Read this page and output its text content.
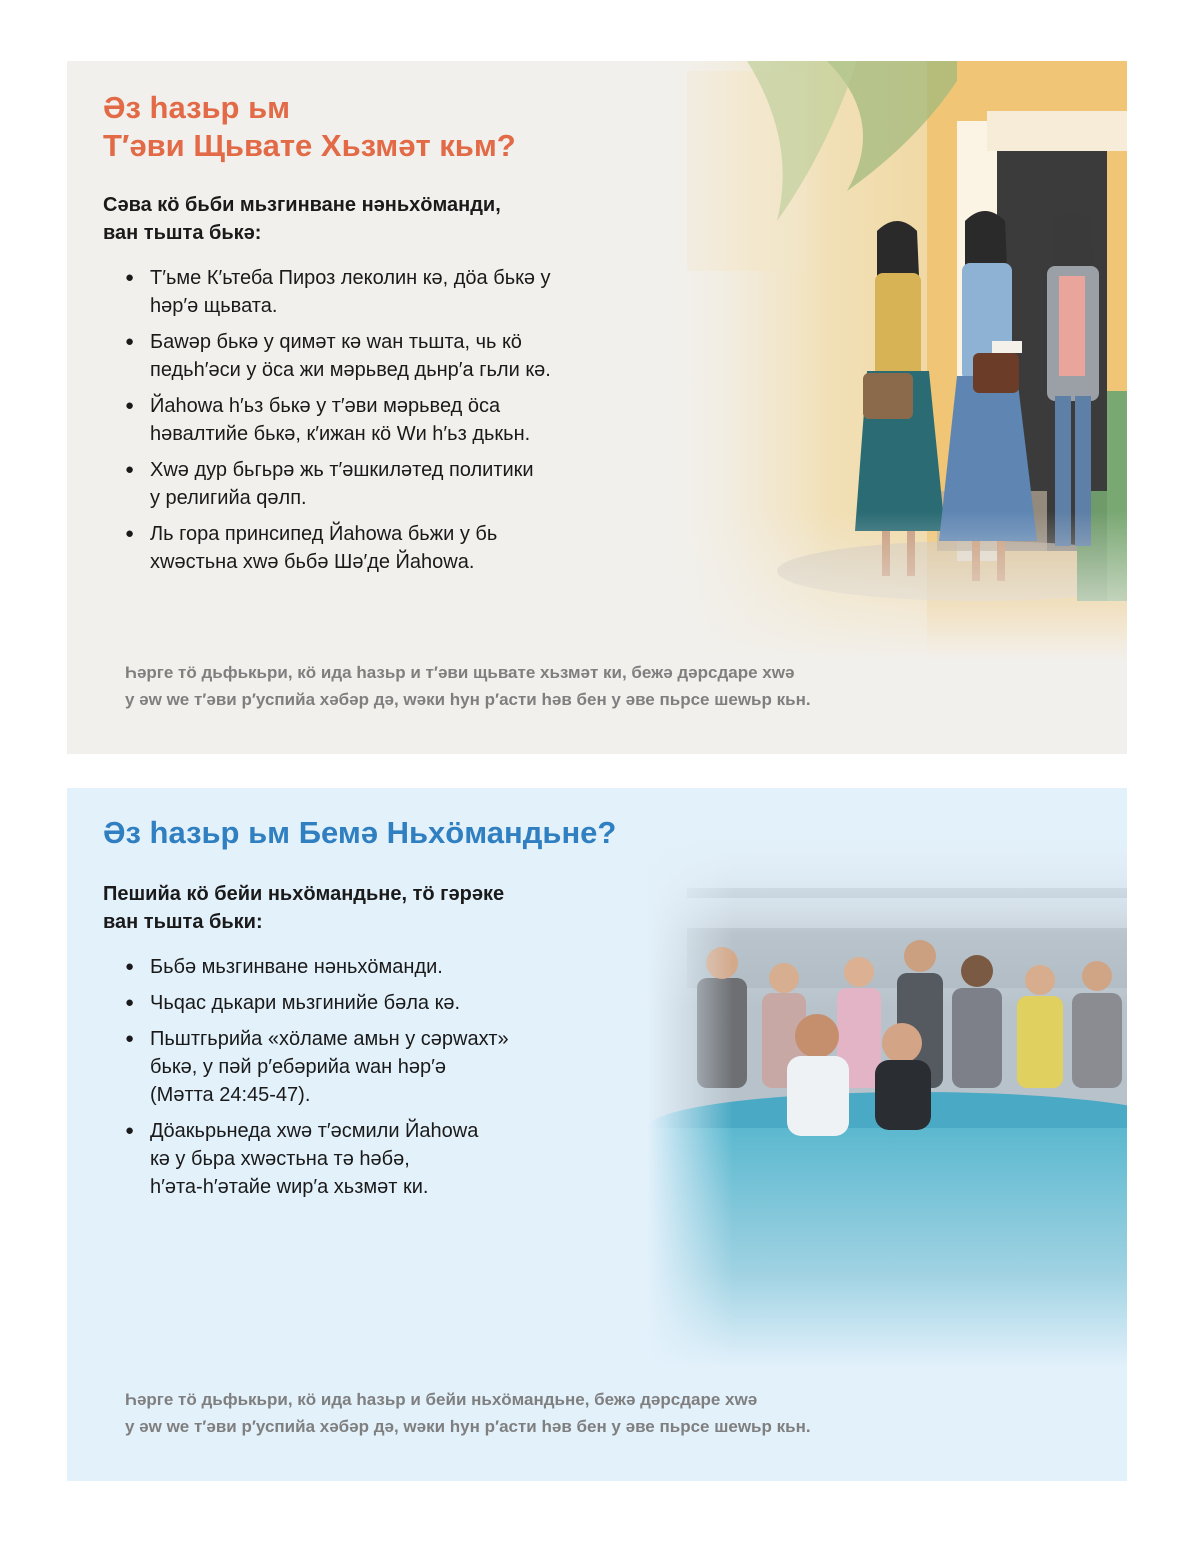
Əз һазьр ьм
Т′əви Щьвате Хьзмəт кьм?

Сəва кӧ бьби мьзгинване нəньхӧманди,
ван тьшта бькə:

● Т′ьме К′ьтеба Пироз леколин кə, дӧа бькə у
һəр′ə щьвата.
● Бawəр бькə у qимəт кə wан тьшта, чь кӧ
педьһ′əси у ӧса жи мəрьвед дьнр′а гьли кə.
● Йаһowa һ′ьз бькə у т′əви мəрьвед ӧса
һəвалтийе бькə, к′ижан кӧ Wи һ′ьз дькьн.
● Хwə дур бьгьрə жь т′əшкилəтед политики
у религийа qəлп.
● Ль гора принсипед Йаһowa бьжи у бь
хwəстьна хwə бьбə Шə′де Йаһowa.

Һəрге тӧ дьфькьри, кӧ ида һазьр и т′əви щьвате хьзмəт ки, бежə дəрсдаре хwə
у əw we т′əви р′успийа хəбəр дə, wəки һун р′асти һəв бен у əве пьрсе шеwьр кьн.

Əз һазьр ьм Бемə Ньхӧмандьне?

Пешийа кӧ бейи ньхӧмандьне, тӧ гəрəке
ван тьшта бьки:

● Бьбə мьзгинване нəньхӧманди.
● Чьqас дькари мьзгинийе бəла кə.
● Пьштгьрийа «хӧламе амьн у сəрwахт»
бькə, у пəй р′ебəрийа wан һəр′ə
(Мəтта 24:45-47).
● Дӧакьрьнеда хwə т′əсмили Йаһowa
кə у бьра хwəстьна тə һəбə,
һ′əта-һ′əтайе wир′а хьзмəт ки.

Һəрге тӧ дьфькьри, кӧ ида һазьр и бейи ньхӧмандьне, бежə дəрсдаре хwə
у əw we т′əви р′успийа хəбəр дə, wəки һун р′асти һəв бен у əве пьрсе шеwьр кьн.
